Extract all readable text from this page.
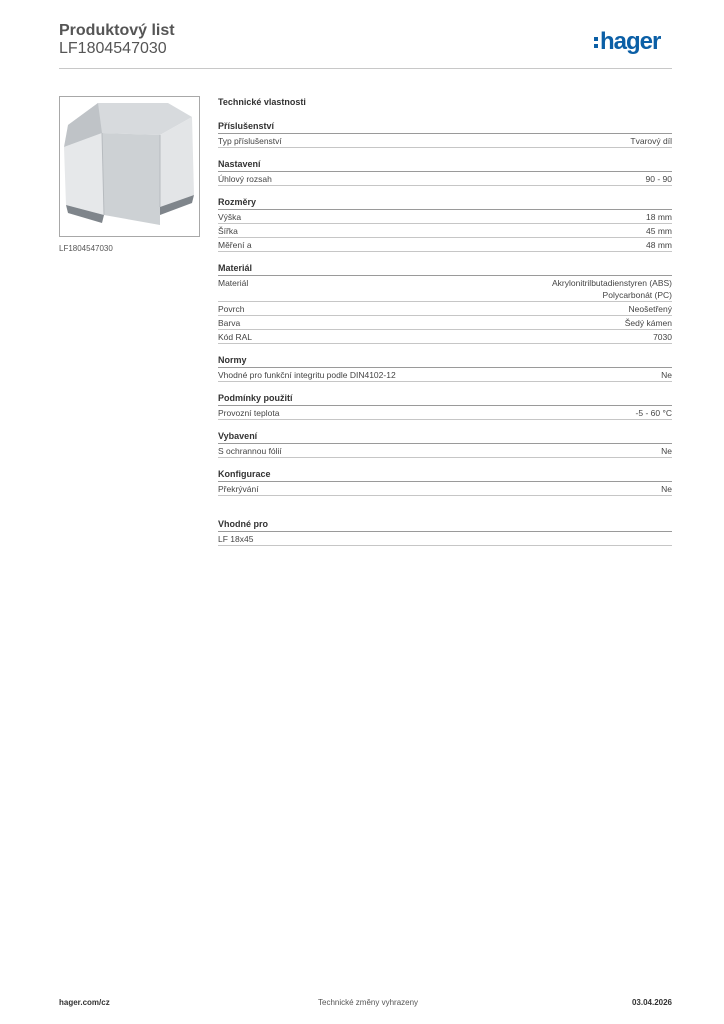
Produktový list
LF1804547030	hager
LF1804547030
Technické vlastnosti
Příslušenství
Typ příslušenství	Tvarový díl
Nastavení
Úhlový rozsah	90 - 90
Rozměry
Výška	18 mm
Šířka	45 mm
Měření a	48 mm
Materiál
Materiál	Akrylonitrilbutadienstyren (ABS)
Polycarbonát (PC)
Povrch	Neošetřený
Barva	Šedý kámen
Kód RAL	7030
Normy
Vhodné pro funkční integritu podle DIN4102-12	Ne
Podmínky použití
Provozní teplota	-5 - 60 °C
Vybavení
S ochrannou fólií	Ne
Konfigurace
Překrývání	Ne
Vhodné pro
LF 18x45
hager.com/cz	Technické změny vyhrazeny	03.04.2026
